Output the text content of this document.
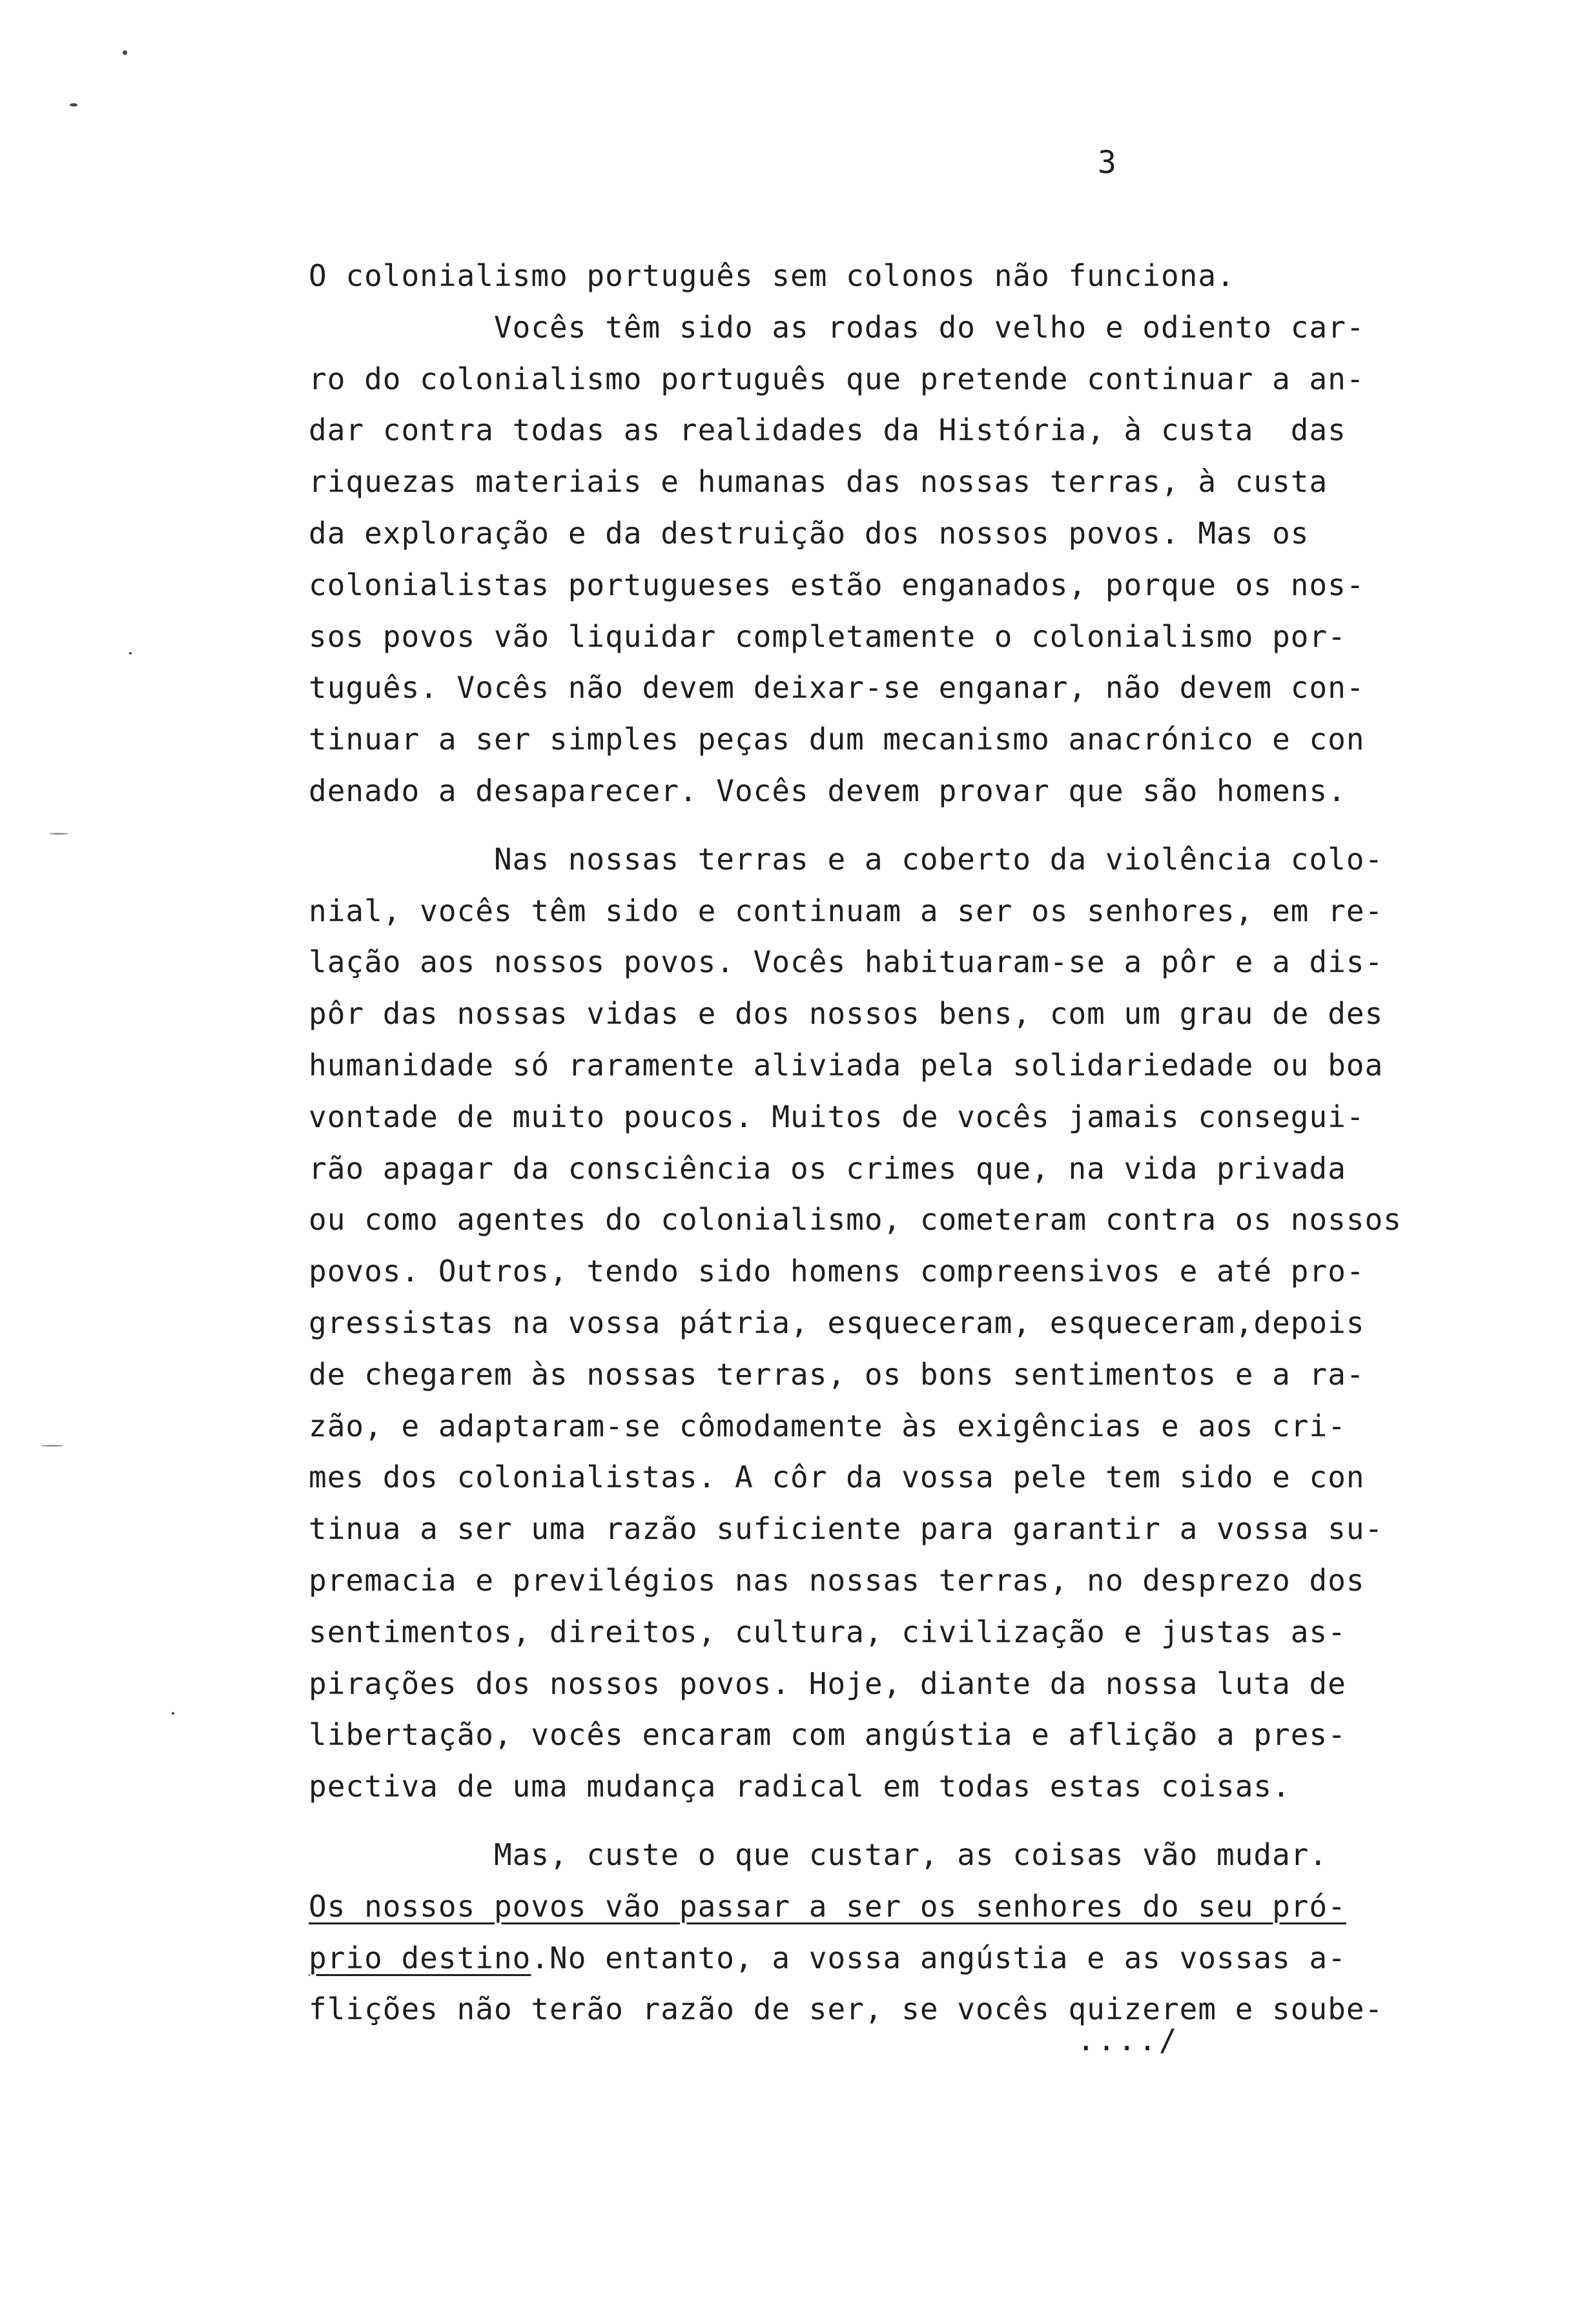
3
O colonialismo português sem colonos não funciona.
Vocês têm sido as rodas do velho e odiento car-
ro do colonialismo português que pretende continuar a an-
dar contra todas as realidades da História, à custa  das
riquezas materiais e humanas das nossas terras, à custa
da exploração e da destruição dos nossos povos. Mas os
colonialistas portugueses estão enganados, porque os nos-
sos povos vão liquidar completamente o colonialismo por-
tuguês. Vocês não devem deixar-se enganar, não devem con-
tinuar a ser simples peças dum mecanismo anacrónico e con
denado a desaparecer. Vocês devem provar que são homens.
Nas nossas terras e a coberto da violência colo-
nial, vocês têm sido e continuam a ser os senhores, em re-
lação aos nossos povos. Vocês habituaram-se a pôr e a dis-
pôr das nossas vidas e dos nossos bens, com um grau de des
humanidade só raramente aliviada pela solidariedade ou boa
vontade de muito poucos. Muitos de vocês jamais consegui-
rão apagar da consciência os crimes que, na vida privada
ou como agentes do colonialismo, cometeram contra os nossos
povos. Outros, tendo sido homens compreensivos e até pro-
gressistas na vossa pátria, esqueceram, esqueceram,depois
de chegarem às nossas terras, os bons sentimentos e a ra-
zão, e adaptaram-se cômodamente às exigências e aos cri-
mes dos colonialistas. A côr da vossa pele tem sido e con
tinua a ser uma razão suficiente para garantir a vossa su-
premacia e previlégios nas nossas terras, no desprezo dos
sentimentos, direitos, cultura, civilização e justas as-
pirações dos nossos povos. Hoje, diante da nossa luta de
libertação, vocês encaram com angústia e aflição a pres-
pectiva de uma mudança radical em todas estas coisas.
Mas, custe o que custar, as coisas vão mudar.
Os nossos povos vão passar a ser os senhores do seu pró-
prio destino.No entanto, a vossa angústia e as vossas a-
flições não terão razão de ser, se vocês quizerem e soube-
..../
